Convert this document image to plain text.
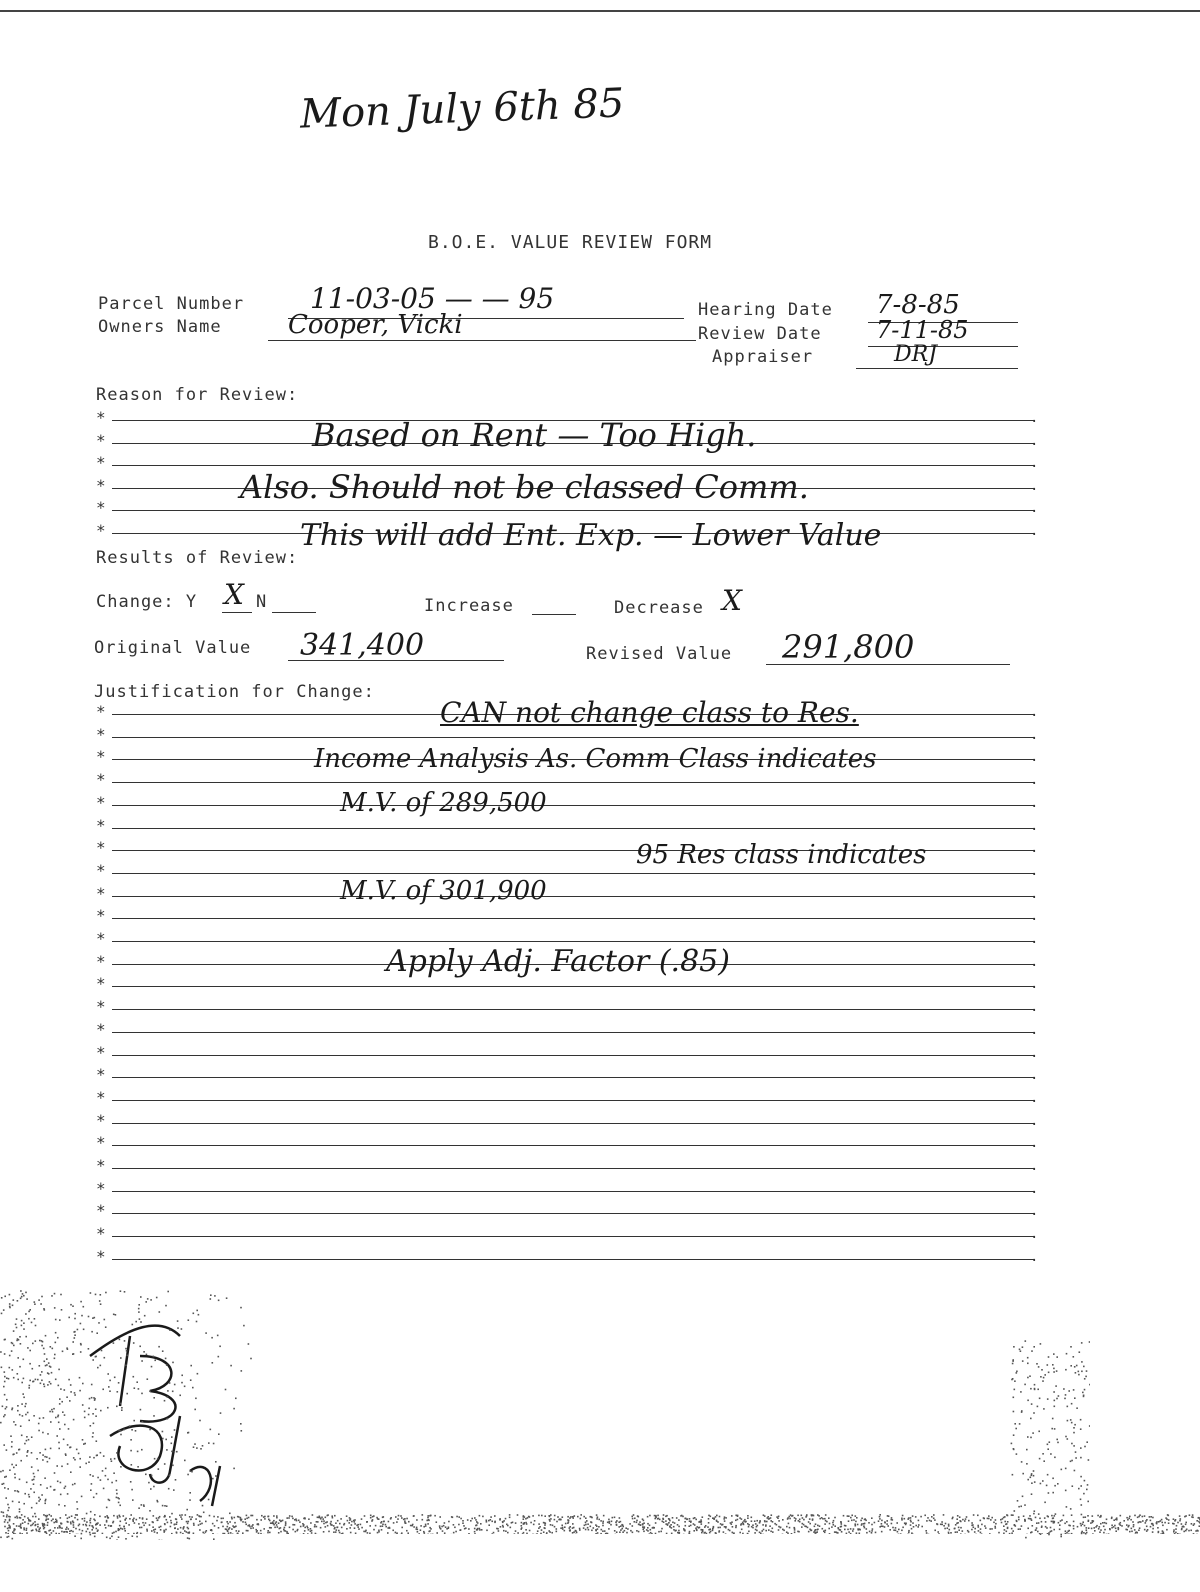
Mon July 6th 85
B.O.E. VALUE REVIEW FORM
Parcel Number 11-03-05 — — 95
Owners Name	Cooper, Vicki	Hearing Date 7-8-85
Review Date 7-11-85
Appraiser	DRJ
Reason for Review:
*	.
*	.
*	.
*	.
*	.
*	.
Based on Rent — Too High.
Also. Should not be classed Comm.
This will add Ent. Exp. — Lower Value
Results of Review:
Change: Y X N	Increase	Decrease X
Original Value 341,400	Revised Value 291,800
Justification for Change:
*	.
*	.
*	.
*	.
*	.
*	.
*	.
*	.
*	.
*	.
*	.
*	.
*	.
*	.
*	.
*	.
*	.
*	.
*	.
*	.
*	.
*	.
*	.
*	.
*	.
CAN not change class to Res.
Income Analysis As. Comm Class indicates
M.V. of 289,500
95 Res class indicates
M.V. of 301,900
Apply Adj. Factor (.85)
